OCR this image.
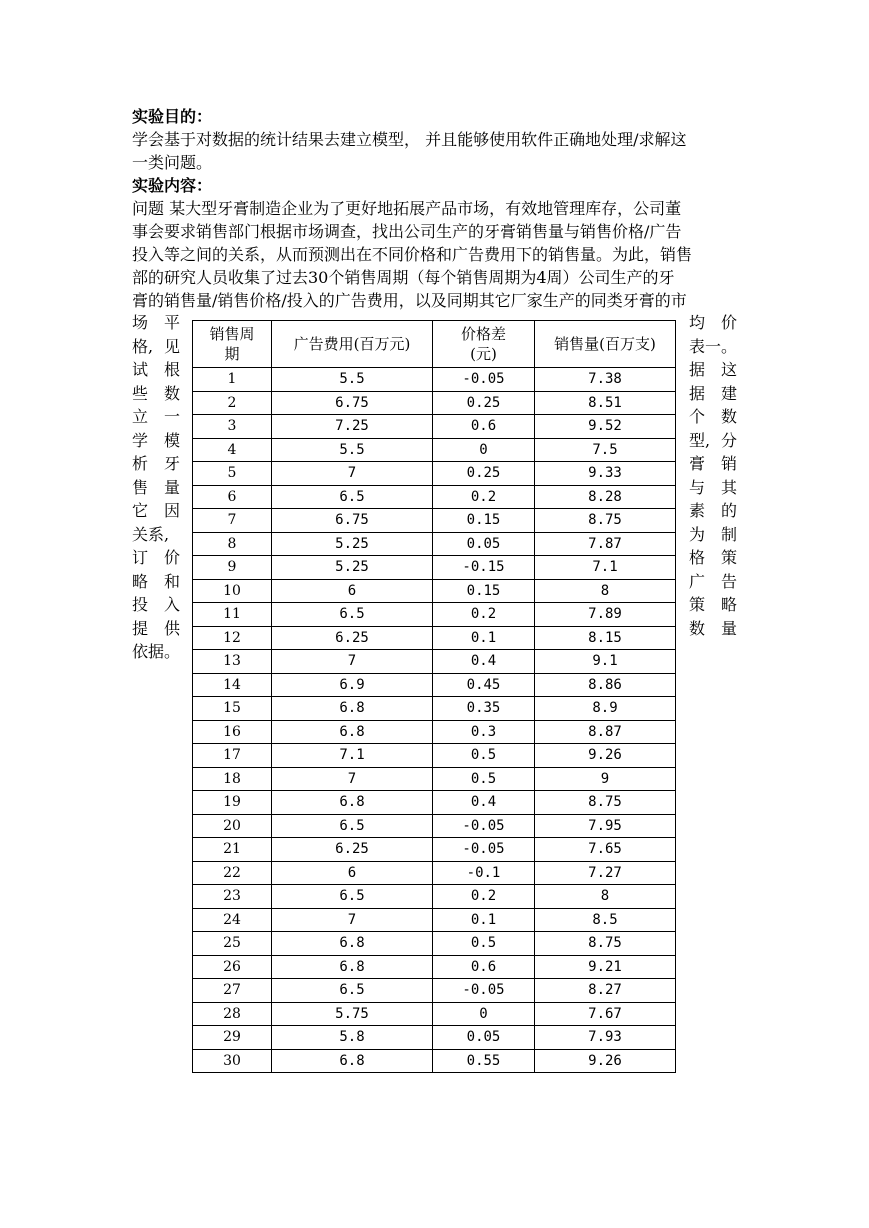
实验目的：
学会基于对数据的统计结果去建立模型， 并且能够使用软件正确地处理/求解这
一类问题。
实验内容：
问题 某大型牙膏制造企业为了更好地拓展产品市场，有效地管理库存，公司董
事会要求销售部门根据市场调查，找出公司生产的牙膏销售量与销售价格/广告
投入等之间的关系，从而预测出在不同价格和广告费用下的销售量。为此，销售
部的研究人员收集了过去30个销售周期（每个销售周期为4周）公司生产的牙
膏的销售量/销售价格/投入的广告费用，以及同期其它厂家生产的同类牙膏的市
场 平
格, 见
试 根
些 数
立 一
学 模
析 牙
售 量
它 因
关系,
订 价
略 和
投 入
提 供
依据。
均 价
表一。
据 这
据 建
个 数
型, 分
膏 销
与 其
素 的
为 制
格 策
广 告
策 略
数 量
销售周
期	广告费用(百万元)	价格差
(元)	销售量(百万支)
1	5.5	-0.05	7.38
2	6.75	0.25	8.51
3	7.25	0.6	9.52
4	5.5	0	7.5
5	7	0.25	9.33
6	6.5	0.2	8.28
7	6.75	0.15	8.75
8	5.25	0.05	7.87
9	5.25	-0.15	7.1
10	6	0.15	8
11	6.5	0.2	7.89
12	6.25	0.1	8.15
13	7	0.4	9.1
14	6.9	0.45	8.86
15	6.8	0.35	8.9
16	6.8	0.3	8.87
17	7.1	0.5	9.26
18	7	0.5	9
19	6.8	0.4	8.75
20	6.5	-0.05	7.95
21	6.25	-0.05	7.65
22	6	-0.1	7.27
23	6.5	0.2	8
24	7	0.1	8.5
25	6.8	0.5	8.75
26	6.8	0.6	9.21
27	6.5	-0.05	8.27
28	5.75	0	7.67
29	5.8	0.05	7.93
30	6.8	0.55	9.26
